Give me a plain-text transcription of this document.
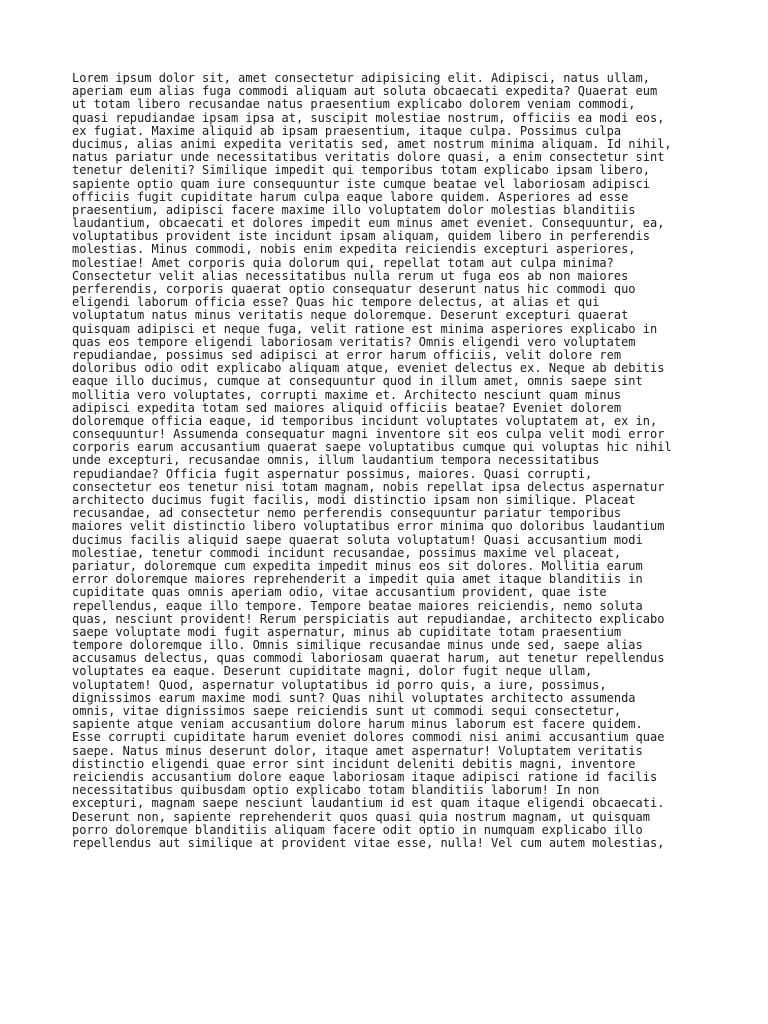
Lorem ipsum dolor sit, amet consectetur adipisicing elit. Adipisci, natus ullam,
aperiam eum alias fuga commodi aliquam aut soluta obcaecati expedita? Quaerat eum
ut totam libero recusandae natus praesentium explicabo dolorem veniam commodi,
quasi repudiandae ipsam ipsa at, suscipit molestiae nostrum, officiis ea modi eos,
ex fugiat. Maxime aliquid ab ipsam praesentium, itaque culpa. Possimus culpa
ducimus, alias animi expedita veritatis sed, amet nostrum minima aliquam. Id nihil,
natus pariatur unde necessitatibus veritatis dolore quasi, a enim consectetur sint
tenetur deleniti? Similique impedit qui temporibus totam explicabo ipsam libero,
sapiente optio quam iure consequuntur iste cumque beatae vel laboriosam adipisci
officiis fugit cupiditate harum culpa eaque labore quidem. Asperiores ad esse
praesentium, adipisci facere maxime illo voluptatem dolor molestias blanditiis
laudantium, obcaecati et dolores impedit eum minus amet eveniet. Consequuntur, ea,
voluptatibus provident iste incidunt ipsam aliquam, quidem libero in perferendis
molestias. Minus commodi, nobis enim expedita reiciendis excepturi asperiores,
molestiae! Amet corporis quia dolorum qui, repellat totam aut culpa minima?
Consectetur velit alias necessitatibus nulla rerum ut fuga eos ab non maiores
perferendis, corporis quaerat optio consequatur deserunt natus hic commodi quo
eligendi laborum officia esse? Quas hic tempore delectus, at alias et qui
voluptatum natus minus veritatis neque doloremque. Deserunt excepturi quaerat
quisquam adipisci et neque fuga, velit ratione est minima asperiores explicabo in
quas eos tempore eligendi laboriosam veritatis? Omnis eligendi vero voluptatem
repudiandae, possimus sed adipisci at error harum officiis, velit dolore rem
doloribus odio odit explicabo aliquam atque, eveniet delectus ex. Neque ab debitis
eaque illo ducimus, cumque at consequuntur quod in illum amet, omnis saepe sint
mollitia vero voluptates, corrupti maxime et. Architecto nesciunt quam minus
adipisci expedita totam sed maiores aliquid officiis beatae? Eveniet dolorem
doloremque officia eaque, id temporibus incidunt voluptates voluptatem at, ex in,
consequuntur! Assumenda consequatur magni inventore sit eos culpa velit modi error
corporis earum accusantium quaerat saepe voluptatibus cumque qui voluptas hic nihil
unde excepturi, recusandae omnis, illum laudantium tempora necessitatibus
repudiandae? Officia fugit aspernatur possimus, maiores. Quasi corrupti,
consectetur eos tenetur nisi totam magnam, nobis repellat ipsa delectus aspernatur
architecto ducimus fugit facilis, modi distinctio ipsam non similique. Placeat
recusandae, ad consectetur nemo perferendis consequuntur pariatur temporibus
maiores velit distinctio libero voluptatibus error minima quo doloribus laudantium
ducimus facilis aliquid saepe quaerat soluta voluptatum! Quasi accusantium modi
molestiae, tenetur commodi incidunt recusandae, possimus maxime vel placeat,
pariatur, doloremque cum expedita impedit minus eos sit dolores. Mollitia earum
error doloremque maiores reprehenderit a impedit quia amet itaque blanditiis in
cupiditate quas omnis aperiam odio, vitae accusantium provident, quae iste
repellendus, eaque illo tempore. Tempore beatae maiores reiciendis, nemo soluta
quas, nesciunt provident! Rerum perspiciatis aut repudiandae, architecto explicabo
saepe voluptate modi fugit aspernatur, minus ab cupiditate totam praesentium
tempore doloremque illo. Omnis similique recusandae minus unde sed, saepe alias
accusamus delectus, quas commodi laboriosam quaerat harum, aut tenetur repellendus
voluptates ea eaque. Deserunt cupiditate magni, dolor fugit neque ullam,
voluptatem! Quod, aspernatur voluptatibus id porro quis, a iure, possimus,
dignissimos earum maxime modi sunt? Quas nihil voluptates architecto assumenda
omnis, vitae dignissimos saepe reiciendis sunt ut commodi sequi consectetur,
sapiente atque veniam accusantium dolore harum minus laborum est facere quidem.
Esse corrupti cupiditate harum eveniet dolores commodi nisi animi accusantium quae
saepe. Natus minus deserunt dolor, itaque amet aspernatur! Voluptatem veritatis
distinctio eligendi quae error sint incidunt deleniti debitis magni, inventore
reiciendis accusantium dolore eaque laboriosam itaque adipisci ratione id facilis
necessitatibus quibusdam optio explicabo totam blanditiis laborum! In non
excepturi, magnam saepe nesciunt laudantium id est quam itaque eligendi obcaecati.
Deserunt non, sapiente reprehenderit quos quasi quia nostrum magnam, ut quisquam
porro doloremque blanditiis aliquam facere odit optio in numquam explicabo illo
repellendus aut similique at provident vitae esse, nulla! Vel cum autem molestias,
